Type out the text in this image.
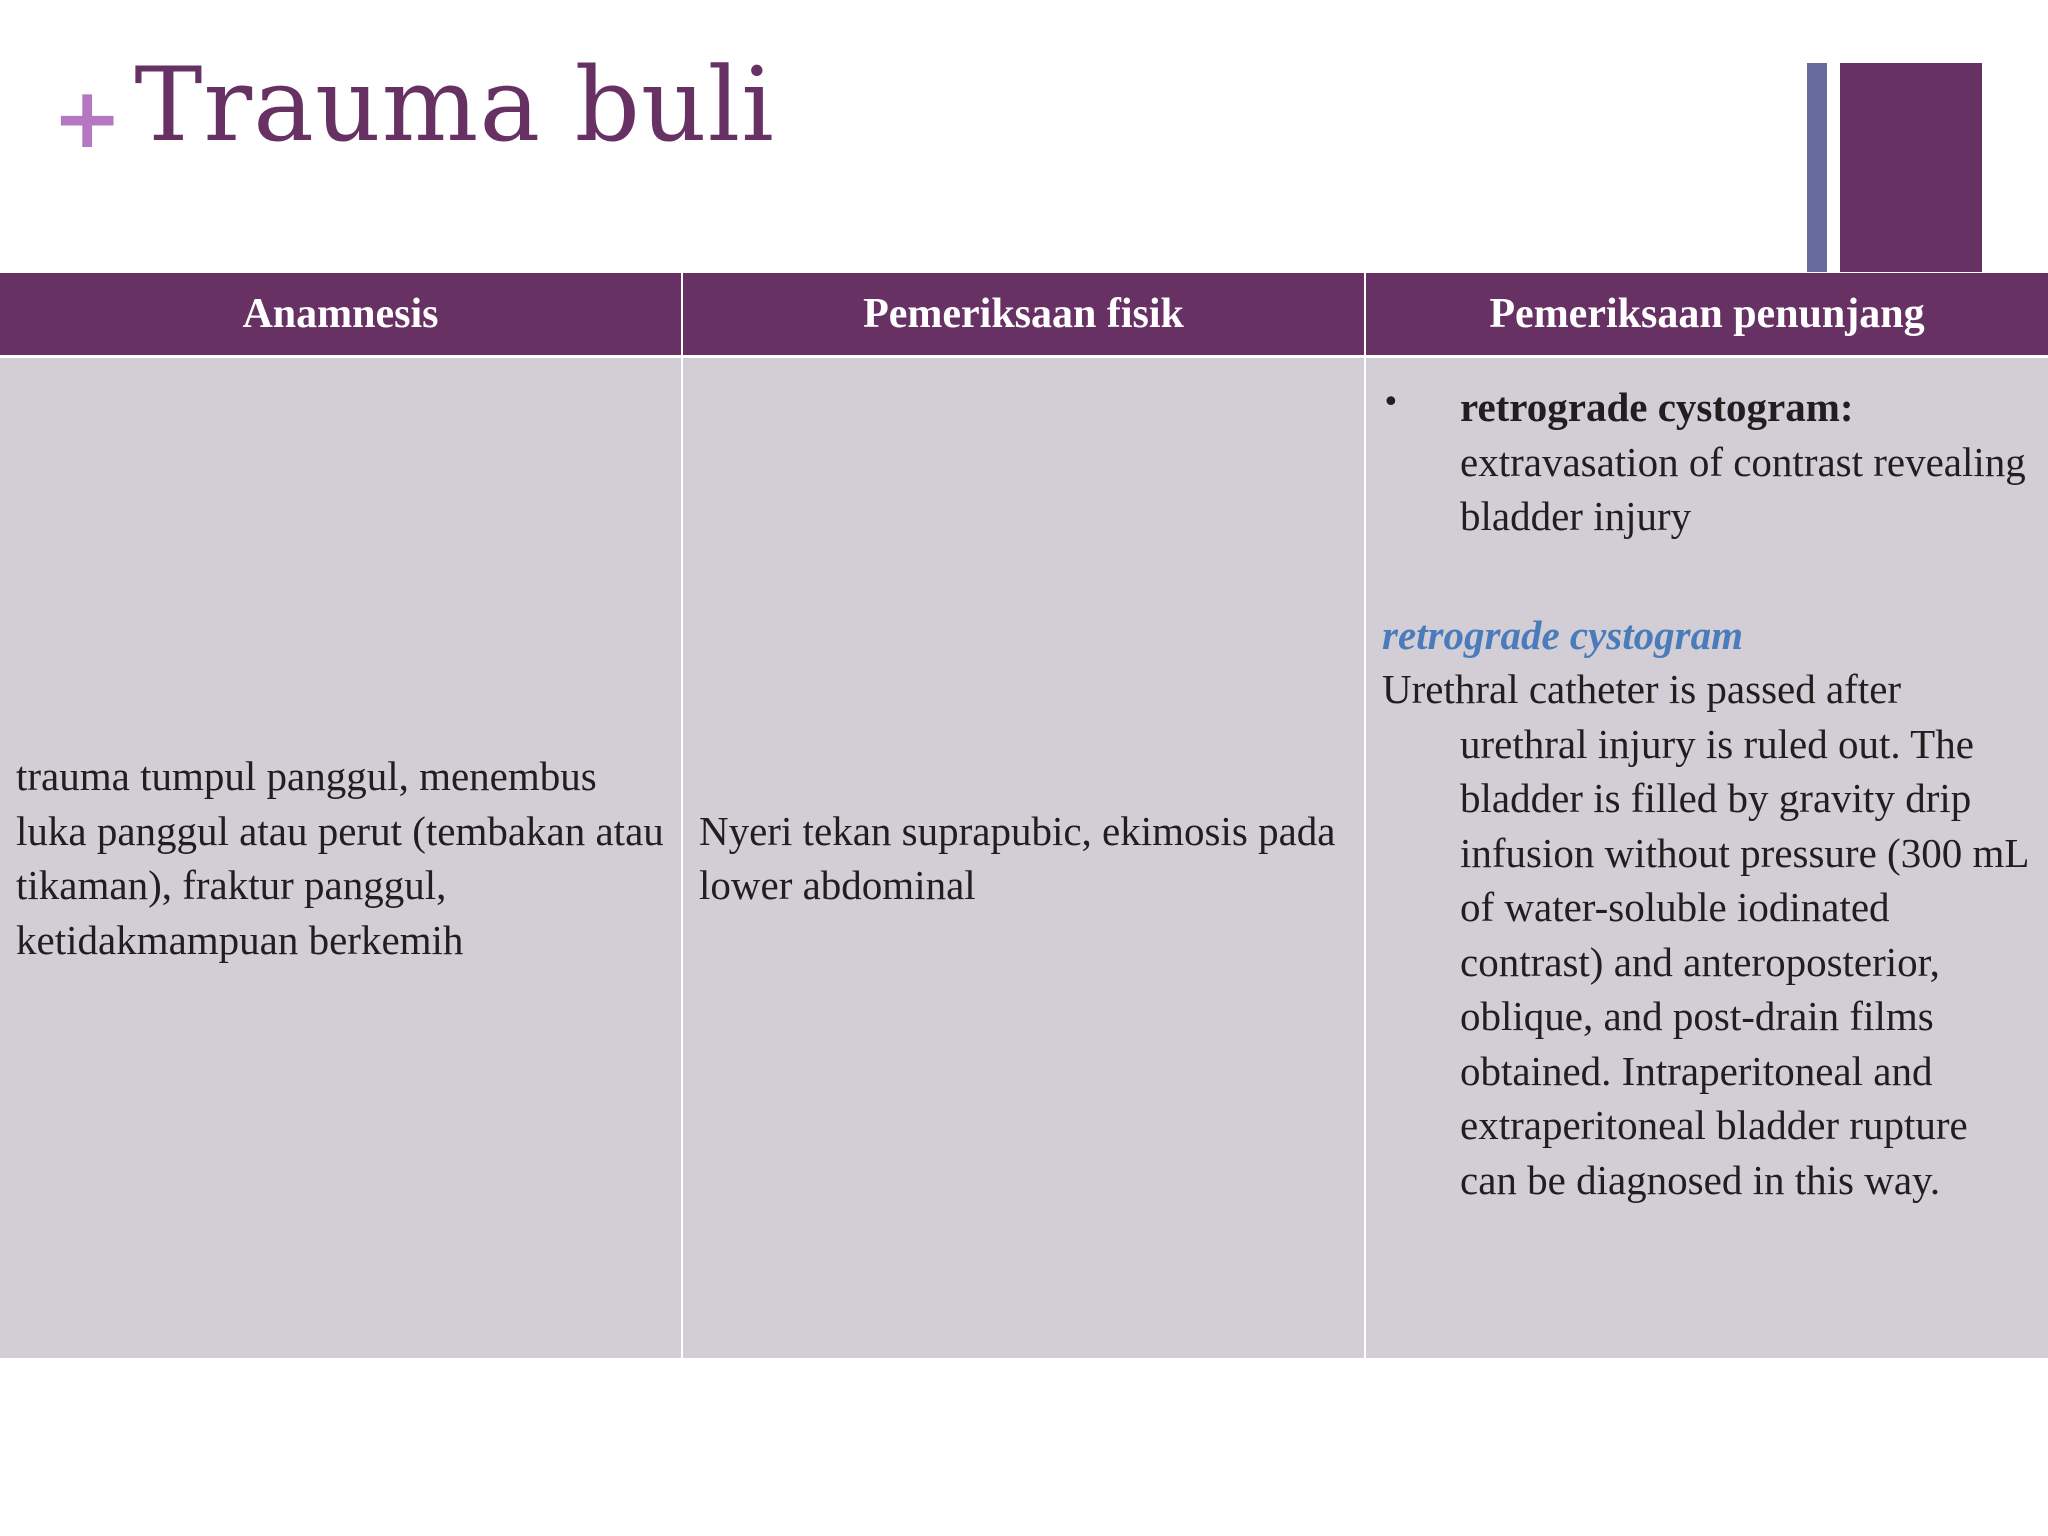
+ Trauma buli
Anamnesis	Pemeriksaan fisik	Pemeriksaan penunjang
trauma tumpul panggul, menembus luka panggul atau perut (tembakan atau tikaman), fraktur panggul, ketidakmampuan berkemih	Nyeri tekan suprapubic, ekimosis pada lower abdominal	• retrograde cystogram:
extravasation of contrast revealing bladder injury
retrograde cystogram
Urethral catheter is passed after urethral injury is ruled out. The bladder is filled by gravity drip infusion without pressure (300 mL of water-soluble iodinated contrast) and anteroposterior, oblique, and post-drain films obtained. Intraperitoneal and extraperitoneal bladder rupture can be diagnosed in this way.
